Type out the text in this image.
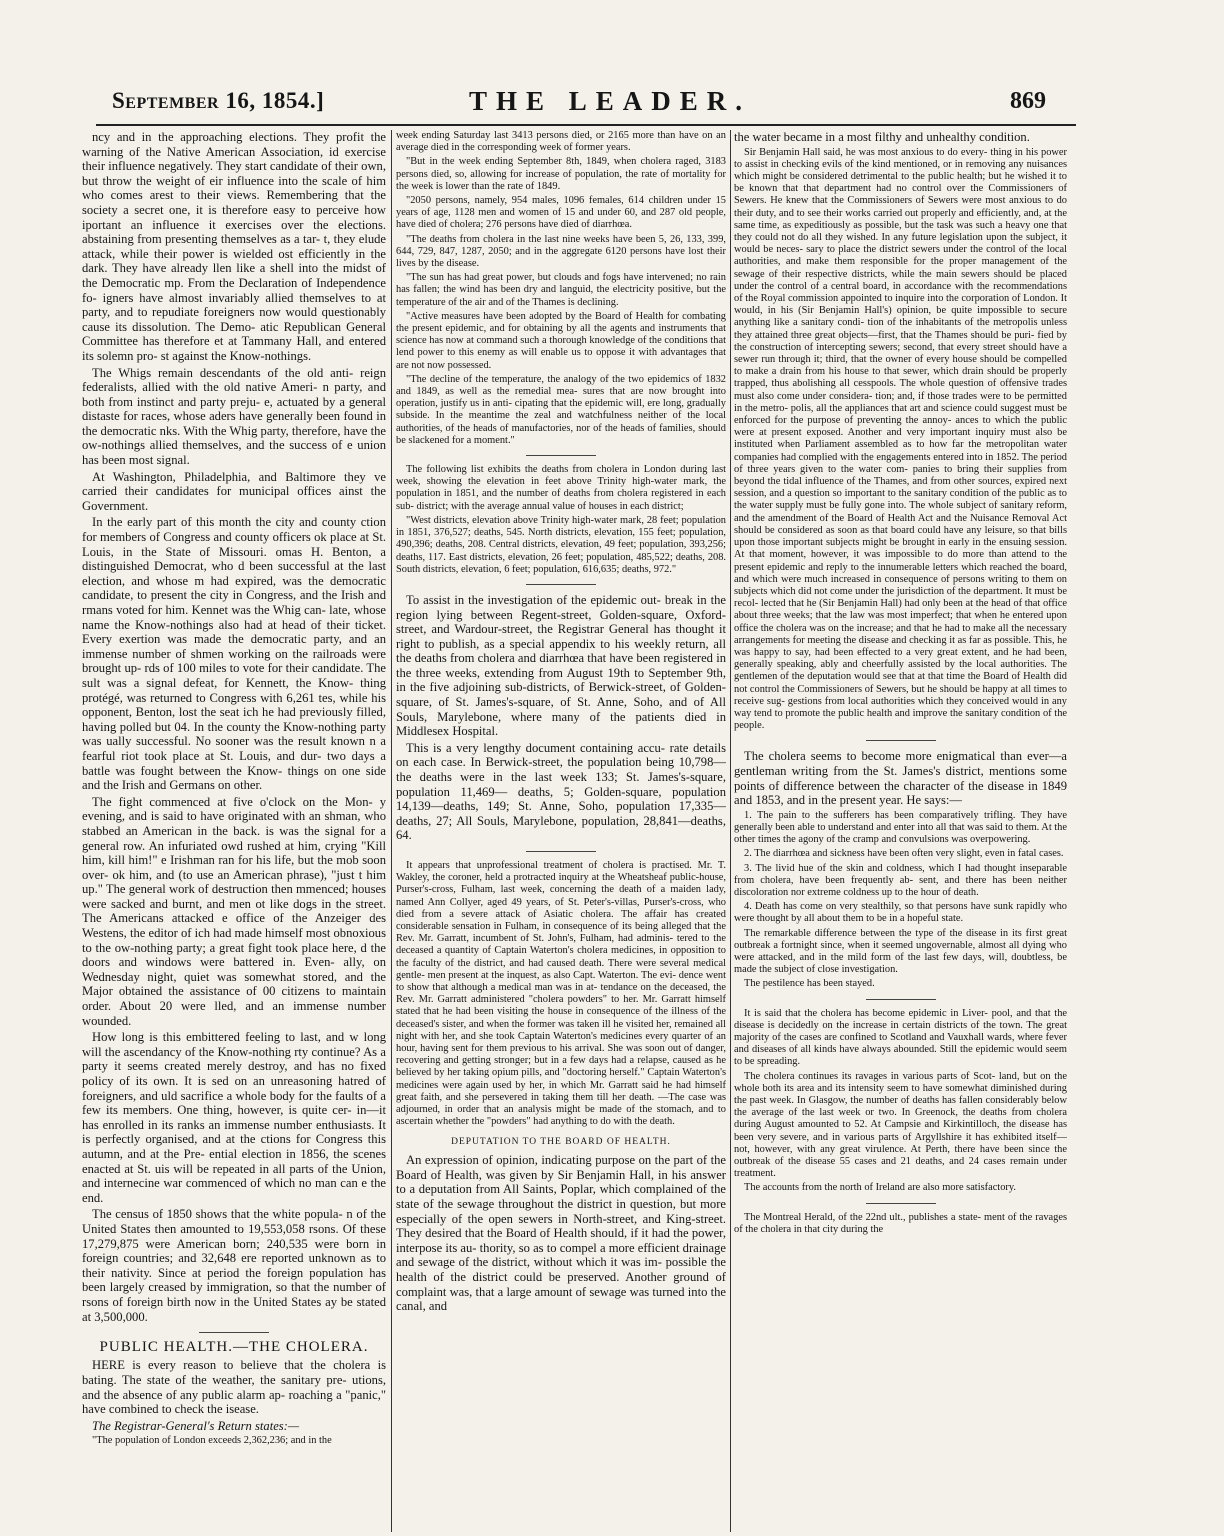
September 16, 1854.]	THE LEADER.	869

ncy and in the approaching elections. They profit the warning of the Native American Association, id exercise their influence negatively. They start candidate of their own, but throw the weight of eir influence into the scale of him who comes arest to their views. Remembering that the society a secret one, it is therefore easy to perceive how iportant an influence it exercises over the elections. abstaining from presenting themselves as a tar- t, they elude attack, while their power is wielded ost efficiently in the dark. They have already llen like a shell into the midst of the Democratic mp. From the Declaration of Independence fo- igners have almost invariably allied themselves to at party, and to repudiate foreigners now would questionably cause its dissolution. The Demo- atic Republican General Committee has therefore et at Tammany Hall, and entered its solemn pro- st against the Know-nothings.

The Whigs remain descendants of the old anti- reign federalists, allied with the old native Ameri- n party, and both from instinct and party preju- e, actuated by a general distaste for races, whose aders have generally been found in the democratic nks. With the Whig party, therefore, have the ow-nothings allied themselves, and the success of e union has been most signal.

At Washington, Philadelphia, and Baltimore they ve carried their candidates for municipal offices ainst the Government.

In the early part of this month the city and county ction for members of Congress and county officers ok place at St. Louis, in the State of Missouri. omas H. Benton, a distinguished Democrat, who d been successful at the last election, and whose m had expired, was the democratic candidate, to present the city in Congress, and the Irish and rmans voted for him. Kennet was the Whig can- late, whose name the Know-nothings also had at head of their ticket. Every exertion was made the democratic party, and an immense number of shmen working on the railroads were brought up- rds of 100 miles to vote for their candidate. The sult was a signal defeat, for Kennett, the Know- thing protégé, was returned to Congress with 6,261 tes, while his opponent, Benton, lost the seat ich he had previously filled, having polled but 04. In the county the Know-nothing party was ually successful. No sooner was the result known n a fearful riot took place at St. Louis, and dur- two days a battle was fought between the Know- things on one side and the Irish and Germans on other.

The fight commenced at five o'clock on the Mon- y evening, and is said to have originated with an shman, who stabbed an American in the back. is was the signal for a general row. An infuriated owd rushed at him, crying "Kill him, kill him!" e Irishman ran for his life, but the mob soon over- ok him, and (to use an American phrase), "just t him up." The general work of destruction then mmenced; houses were sacked and burnt, and men ot like dogs in the street. The Americans attacked e office of the Anzeiger des Westens, the editor of ich had made himself most obnoxious to the ow-nothing party; a great fight took place here, d the doors and windows were battered in. Even- ally, on Wednesday night, quiet was somewhat stored, and the Major obtained the assistance of 00 citizens to maintain order. About 20 were lled, and an immense number wounded.

How long is this embittered feeling to last, and w long will the ascendancy of the Know-nothing rty continue? As a party it seems created merely destroy, and has no fixed policy of its own. It is sed on an unreasoning hatred of foreigners, and uld sacrifice a whole body for the faults of a few its members. One thing, however, is quite cer- in—it has enrolled in its ranks an immense number enthusiasts. It is perfectly organised, and at the ctions for Congress this autumn, and at the Pre- ential election in 1856, the scenes enacted at St. uis will be repeated in all parts of the Union, and internecine war commenced of which no man can e the end.

The census of 1850 shows that the white popula- n of the United States then amounted to 19,553,058 rsons. Of these 17,279,875 were American born; 240,535 were born in foreign countries; and 32,648 ere reported unknown as to their nativity. Since at period the foreign population has been largely creased by immigration, so that the number of rsons of foreign birth now in the United States ay be stated at 3,500,000.

PUBLIC HEALTH.—THE CHOLERA.

HERE is every reason to believe that the cholera is bating. The state of the weather, the sanitary pre- utions, and the absence of any public alarm ap- roaching a "panic," have combined to check the isease.

The Registrar-General's Return states:—

"The population of London exceeds 2,362,236; and in the

week ending Saturday last 3413 persons died, or 2165 more than have on an average died in the corresponding week of former years.

"But in the week ending September 8th, 1849, when cholera raged, 3183 persons died, so, allowing for increase of population, the rate of mortality for the week is lower than the rate of 1849.

"2050 persons, namely, 954 males, 1096 females, 614 children under 15 years of age, 1128 men and women of 15 and under 60, and 287 old people, have died of cholera; 276 persons have died of diarrhœa.

"The deaths from cholera in the last nine weeks have been 5, 26, 133, 399, 644, 729, 847, 1287, 2050; and in the aggregate 6120 persons have lost their lives by the disease.

"The sun has had great power, but clouds and fogs have intervened; no rain has fallen; the wind has been dry and languid, the electricity positive, but the temperature of the air and of the Thames is declining.

"Active measures have been adopted by the Board of Health for combating the present epidemic, and for obtaining by all the agents and instruments that science has now at command such a thorough knowledge of the conditions that lend power to this enemy as will enable us to oppose it with advantages that are not now possessed.

"The decline of the temperature, the analogy of the two epidemics of 1832 and 1849, as well as the remedial mea- sures that are now brought into operation, justify us in anti- cipating that the epidemic will, ere long, gradually subside. In the meantime the zeal and watchfulness neither of the local authorities, of the heads of manufactories, nor of the heads of families, should be slackened for a moment."

The following list exhibits the deaths from cholera in London during last week, showing the elevation in feet above Trinity high-water mark, the population in 1851, and the number of deaths from cholera registered in each sub- district; with the average annual value of houses in each district;

"West districts, elevation above Trinity high-water mark, 28 feet; population in 1851, 376,527; deaths, 545. North districts, elevation, 155 feet; population, 490,396; deaths, 208. Central districts, elevation, 49 feet; population, 393,256; deaths, 117. East districts, elevation, 26 feet; population, 485,522; deaths, 208. South districts, elevation, 6 feet; population, 616,635; deaths, 972."

To assist in the investigation of the epidemic out- break in the region lying between Regent-street, Golden-square, Oxford-street, and Wardour-street, the Registrar General has thought it right to publish, as a special appendix to his weekly return, all the deaths from cholera and diarrhœa that have been registered in the three weeks, extending from August 19th to September 9th, in the five adjoining sub-districts, of Berwick-street, of Golden-square, of St. James's-square, of St. Anne, Soho, and of All Souls, Marylebone, where many of the patients died in Middlesex Hospital.

This is a very lengthy document containing accu- rate details on each case. In Berwick-street, the population being 10,798—the deaths were in the last week 133; St. James's-square, population 11,469— deaths, 5; Golden-square, population 14,139—deaths, 149; St. Anne, Soho, population 17,335—deaths, 27; All Souls, Marylebone, population, 28,841—deaths, 64.

It appears that unprofessional treatment of cholera is practised. Mr. T. Wakley, the coroner, held a protracted inquiry at the Wheatsheaf public-house, Purser's-cross, Fulham, last week, concerning the death of a maiden lady, named Ann Collyer, aged 49 years, of St. Peter's-villas, Purser's-cross, who died from a severe attack of Asiatic cholera. The affair has created considerable sensation in Fulham, in consequence of its being alleged that the Rev. Mr. Garratt, incumbent of St. John's, Fulham, had adminis- tered to the deceased a quantity of Captain Waterton's cholera medicines, in opposition to the faculty of the district, and had caused death. There were several medical gentle- men present at the inquest, as also Capt. Waterton. The evi- dence went to show that although a medical man was in at- tendance on the deceased, the Rev. Mr. Garratt administered "cholera powders" to her. Mr. Garratt himself stated that he had been visiting the house in consequence of the illness of the deceased's sister, and when the former was taken ill he visited her, remained all night with her, and she took Captain Waterton's medicines every quarter of an hour, having sent for them previous to his arrival. She was soon out of danger, recovering and getting stronger; but in a few days had a relapse, caused as he believed by her taking opium pills, and "doctoring herself." Captain Waterton's medicines were again used by her, in which Mr. Garratt said he had himself great faith, and she persevered in taking them till her death. —The case was adjourned, in order that an analysis might be made of the stomach, and to ascertain whether the "powders" had anything to do with the death.

DEPUTATION TO THE BOARD OF HEALTH.

An expression of opinion, indicating purpose on the part of the Board of Health, was given by Sir Benjamin Hall, in his answer to a deputation from All Saints, Poplar, which complained of the state of the sewage throughout the district in question, but more especially of the open sewers in North-street, and King-street. They desired that the Board of Health should, if it had the power, interpose its au- thority, so as to compel a more efficient drainage and sewage of the district, without which it was im- possible the health of the district could be preserved. Another ground of complaint was, that a large amount of sewage was turned into the canal, and

the water became in a most filthy and unhealthy condition.

Sir Benjamin Hall said, he was most anxious to do every- thing in his power to assist in checking evils of the kind mentioned, or in removing any nuisances which might be considered detrimental to the public health; but he wished it to be known that that department had no control over the Commissioners of Sewers. He knew that the Commissioners of Sewers were most anxious to do their duty, and to see their works carried out properly and efficiently, and, at the same time, as expeditiously as possible, but the task was such a heavy one that they could not do all they wished. In any future legislation upon the subject, it would be neces- sary to place the district sewers under the control of the local authorities, and make them responsible for the proper management of the sewage of their respective districts, while the main sewers should be placed under the control of a central board, in accordance with the recommendations of the Royal commission appointed to inquire into the corporation of London. It would, in his (Sir Benjamin Hall's) opinion, be quite impossible to secure anything like a sanitary condi- tion of the inhabitants of the metropolis unless they attained three great objects—first, that the Thames should be puri- fied by the construction of intercepting sewers; second, that every street should have a sewer run through it; third, that the owner of every house should be compelled to make a drain from his house to that sewer, which drain should be properly trapped, thus abolishing all cesspools. The whole question of offensive trades must also come under considera- tion; and, if those trades were to be permitted in the metro- polis, all the appliances that art and science could suggest must be enforced for the purpose of preventing the annoy- ances to which the public were at present exposed. Another and very important inquiry must also be instituted when Parliament assembled as to how far the metropolitan water companies had complied with the engagements entered into in 1852. The period of three years given to the water com- panies to bring their supplies from beyond the tidal influence of the Thames, and from other sources, expired next session, and a question so important to the sanitary condition of the public as to the water supply must be fully gone into. The whole subject of sanitary reform, and the amendment of the Board of Health Act and the Nuisance Removal Act should be considered as soon as that board could have any leisure, so that bills upon those important subjects might be brought in early in the ensuing session. At that moment, however, it was impossible to do more than attend to the present epidemic and reply to the innumerable letters which reached the board, and which were much increased in consequence of persons writing to them on subjects which did not come under the jurisdiction of the department. It must be recol- lected that he (Sir Benjamin Hall) had only been at the head of that office about three weeks; that the law was most imperfect; that when he entered upon office the cholera was on the increase; and that he had to make all the necessary arrangements for meeting the disease and checking it as far as possible. This, he was happy to say, had been effected to a very great extent, and he had been, generally speaking, ably and cheerfully assisted by the local authorities. The gentlemen of the deputation would see that at that time the Board of Health did not control the Commissioners of Sewers, but he should be happy at all times to receive sug- gestions from local authorities which they conceived would in any way tend to promote the public health and improve the sanitary condition of the people.

The cholera seems to become more enigmatical than ever—a gentleman writing from the St. James's district, mentions some points of difference between the character of the disease in 1849 and 1853, and in the present year. He says:—

1. The pain to the sufferers has been comparatively trifling. They have generally been able to understand and enter into all that was said to them. At the other times the agony of the cramp and convulsions was overpowering.

2. The diarrhœa and sickness have been often very slight, even in fatal cases.

3. The livid hue of the skin and coldness, which I had thought inseparable from cholera, have been frequently ab- sent, and there has been neither discoloration nor extreme coldness up to the hour of death.

4. Death has come on very stealthily, so that persons have sunk rapidly who were thought by all about them to be in a hopeful state.

The remarkable difference between the type of the disease in its first great outbreak a fortnight since, when it seemed ungovernable, almost all dying who were attacked, and in the mild form of the last few days, will, doubtless, be made the subject of close investigation.

The pestilence has been stayed.

It is said that the cholera has become epidemic in Liver- pool, and that the disease is decidedly on the increase in certain districts of the town. The great majority of the cases are confined to Scotland and Vauxhall wards, where fever and diseases of all kinds have always abounded. Still the epidemic would seem to be spreading.

The cholera continues its ravages in various parts of Scot- land, but on the whole both its area and its intensity seem to have somewhat diminished during the past week. In Glasgow, the number of deaths has fallen considerably below the average of the last week or two. In Greenock, the deaths from cholera during August amounted to 52. At Campsie and Kirkintilloch, the disease has been very severe, and in various parts of Argyllshire it has exhibited itself— not, however, with any great virulence. At Perth, there have been since the outbreak of the disease 55 cases and 21 deaths, and 24 cases remain under treatment.

The accounts from the north of Ireland are also more satisfactory.

The Montreal Herald, of the 22nd ult., publishes a state- ment of the ravages of the cholera in that city during the
